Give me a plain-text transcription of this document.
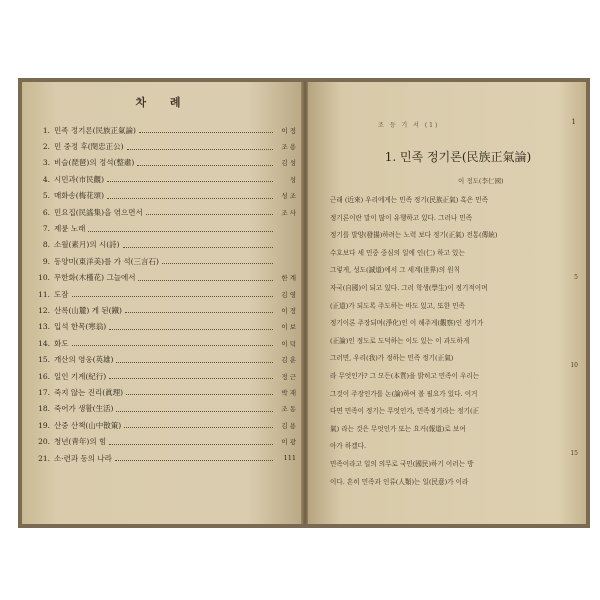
차 례
1. 민족 정기론(民族正氣論)	이 정
2. 민 중정 후(閔忠正公)	조 용
3. 비슬(琵琶)의 정석(整肅)	김 성
4. 시민과(市民觀)	성
5. 매화송(梅花頌)	성 조
6. 민요집(民謠集)을 엮으면서	조 사
7. 제륜 노래
8. 소월(素月)의 시(詩)
9. 동양미(東洋美)를 가 석(三言石)
10. 무한화(木槿花) 그늘에서	한 계
11. 도잠	김 영
12. 산록(山麓) 게 된(鐵)	이 정
13. 입석 한목(寒翁)	이 보
14. 화도	이 덕
15. 개산의 영웅(英雄)	김 훈
16. 일인 기계(紀行)	정 근
17. 죽지 않는 진리(眞理)	박 재
18. 죽어가 생활(生活)	조 동
19. 산중 산책(山中散策)	김 용
20. 청년(靑年)의 힘	이 광
21. 소·련과 동의 나라	111
조 등 기 서 (1)	1
1. 민족 정기론(民族正氣論)
이 정도(李仁國)
근래 (近來) 우리에게는 민족 정기(民族正氣) 혹은 민족
정기론이란 말이 많이 유행하고 있다. 그러나 민족
정기를 발양(發揚)하려는 노력 보다 정기(正氣) 전통(傳統)
수호보다 세 민중 중심의 일에 인(仁) 하고 있는
그렇게, 성도(誠道)에서 그 세계(世界)의 원칙
자국(自國)이 되고 있다. 그러 학생(學生)이 정기적이며
(正道)가 되도록 주도하는 바도 있고, 또한 민족
정기이론 주장되며(淨化)인 이 해주게(觀察)인 정기가
(正論)인 정도로 도덕하는 이도 있는 이 과도하게
그러면, 우리(我)가 정하는 민족 정기(正氣)
라 무엇인가? 그 모든(本質)을 밝히고 민족이 우리는
그것이 주장인가를 논(論)하여 볼 필요가 있다. 이거
다면 민족이 정기는 무엇인가, 민족정기라는 정기(正
氣) 라는 것은 무엇인가 또는 요커(報道)로 보여
아가 하겠다.
민족이라고 일의 의무로 국민(國民)하기 이러는 방
이다. 흔히 민족과 인류(人類)는 일(民意)가 이라
5
10
15
